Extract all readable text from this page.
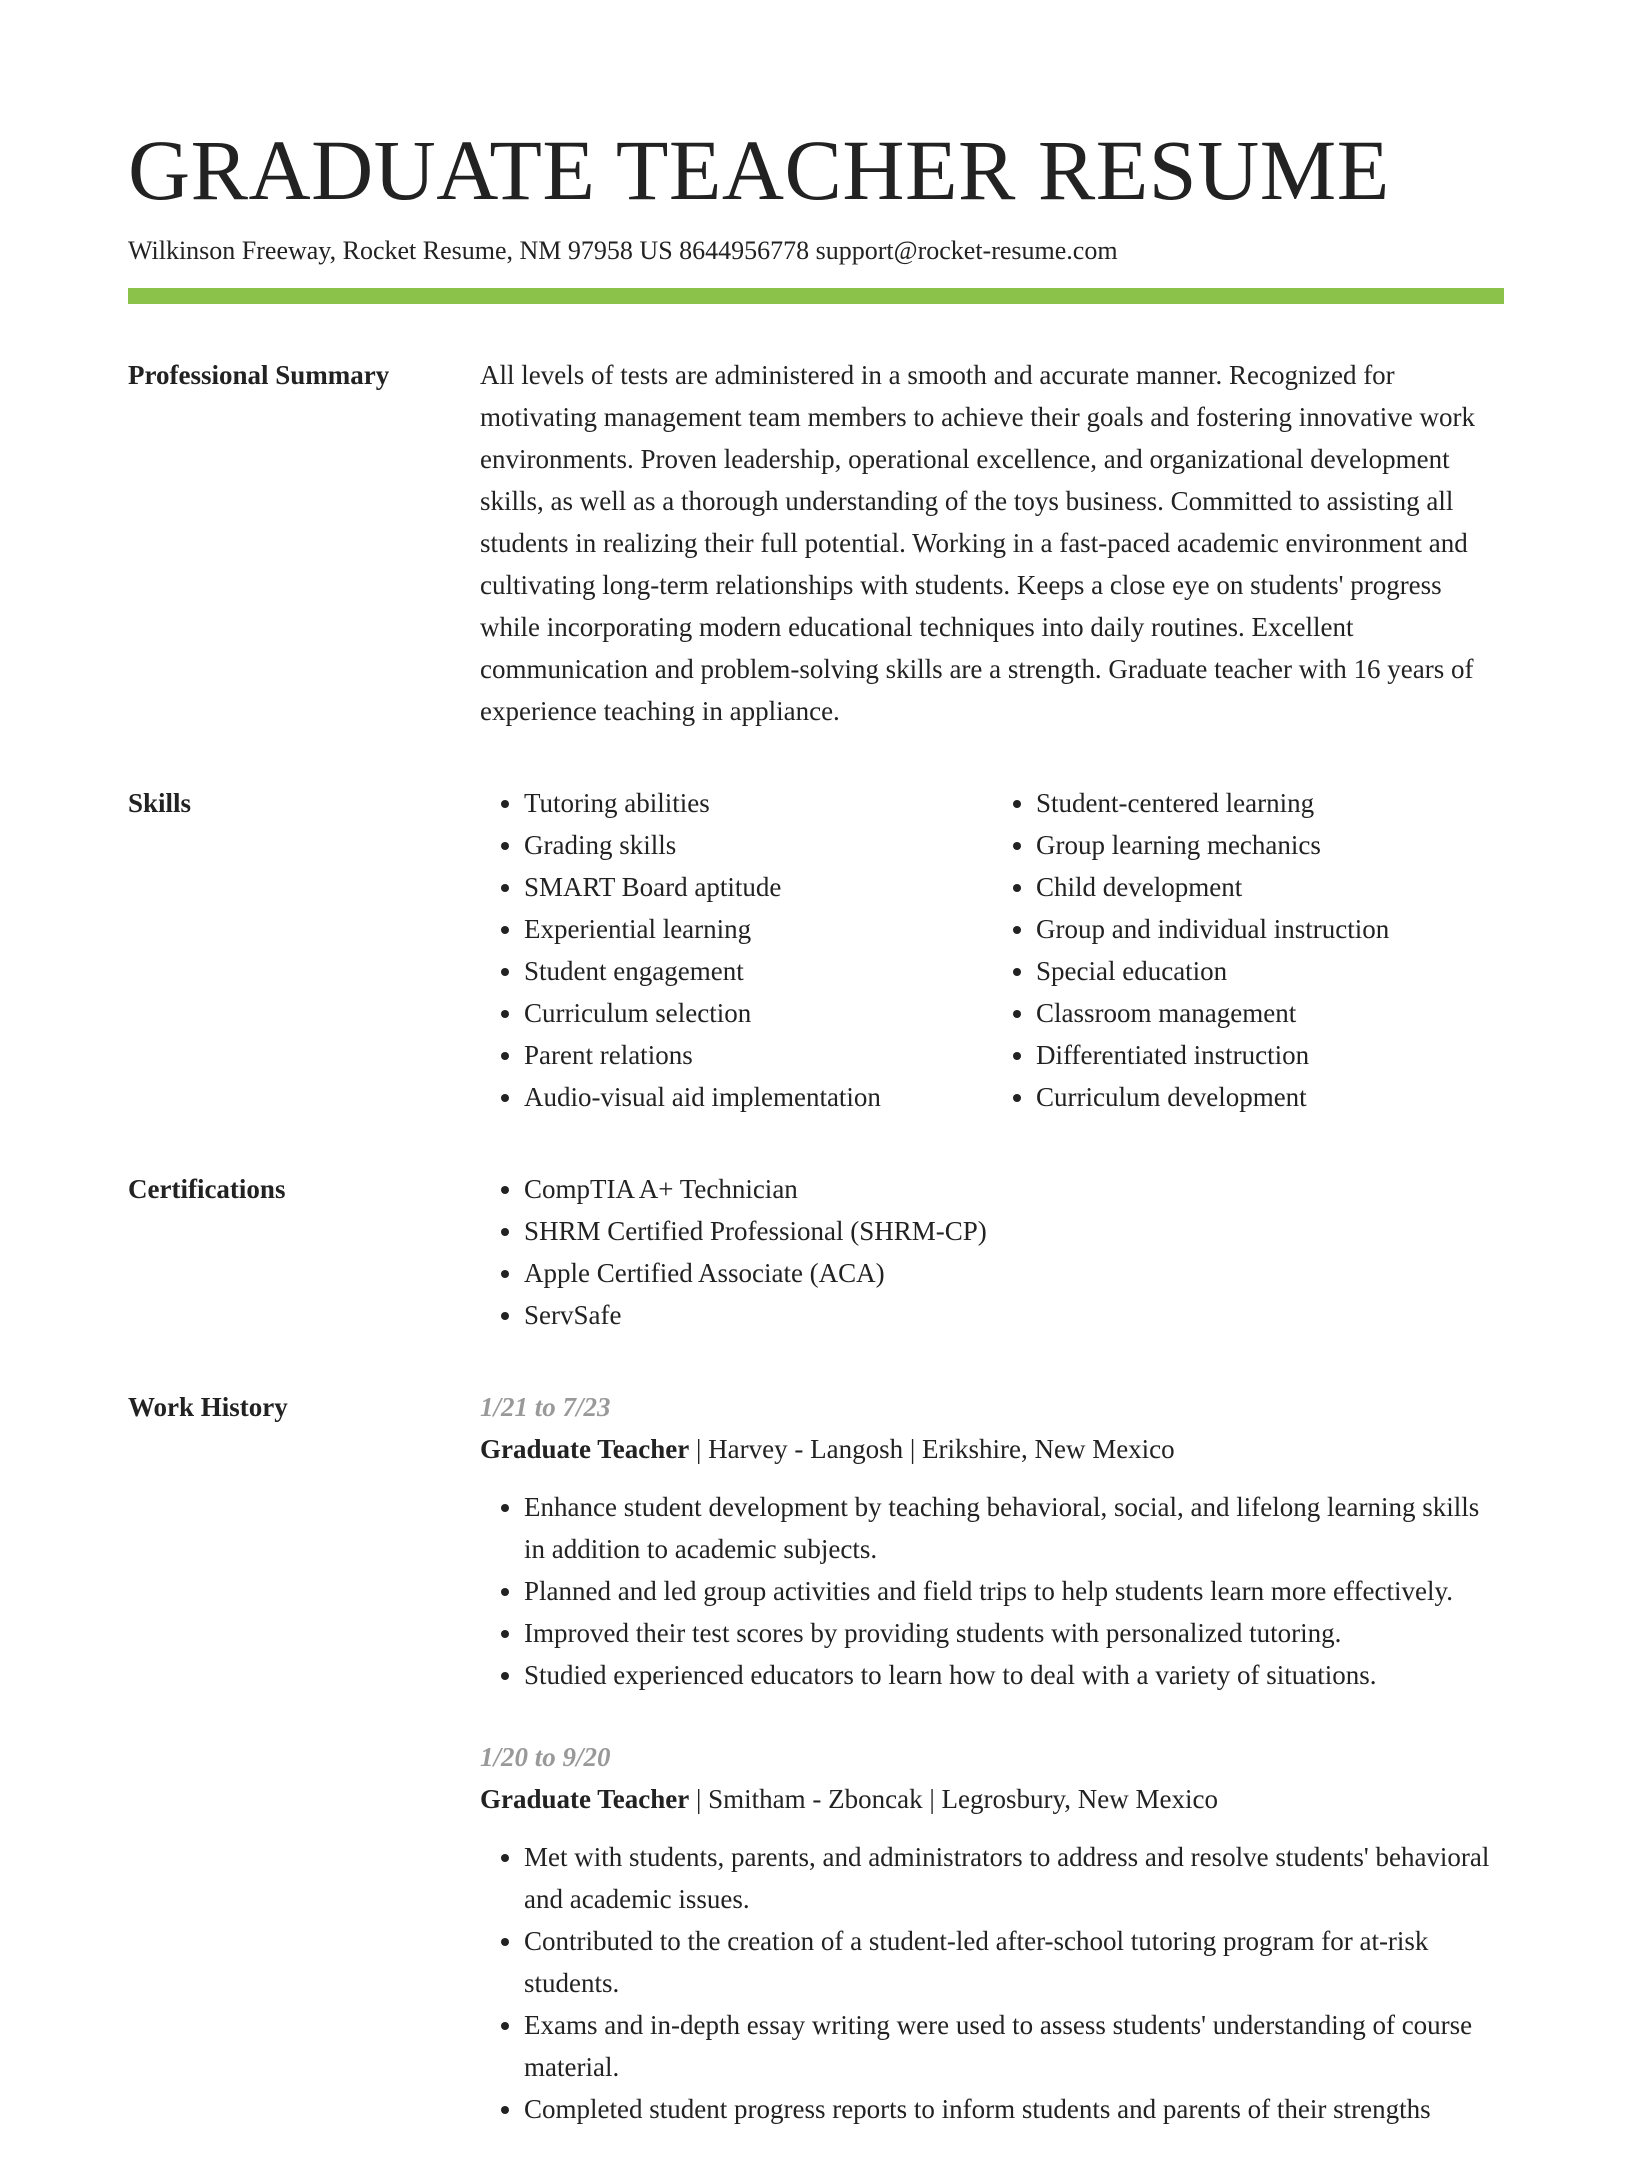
GRADUATE TEACHER RESUME
Wilkinson Freeway, Rocket Resume, NM 97958 US 8644956778 support@rocket-resume.com
Professional Summary	All levels of tests are administered in a smooth and accurate manner. Recognized for motivating management team members to achieve their goals and fostering innovative work environments. Proven leadership, operational excellence, and organizational development skills, as well as a thorough understanding of the toys business. Committed to assisting all students in realizing their full potential. Working in a fast-paced academic environment and cultivating long-term relationships with students. Keeps a close eye on students' progress while incorporating modern educational techniques into daily routines. Excellent communication and problem-solving skills are a strength. Graduate teacher with 16 years of experience teaching in appliance.

Skills	• Tutoring abilities
• Grading skills
• SMART Board aptitude
• Experiential learning
• Student engagement
• Curriculum selection
• Parent relations
• Audio-visual aid implementation
• Student-centered learning
• Group learning mechanics
• Child development
• Group and individual instruction
• Special education
• Classroom management
• Differentiated instruction
• Curriculum development
Certifications	• CompTIA A+ Technician
• SHRM Certified Professional (SHRM-CP)
• Apple Certified Associate (ACA)
• ServSafe
Work History	1/21 to 7/23
Graduate Teacher | Harvey - Langosh | Erikshire, New Mexico
• Enhance student development by teaching behavioral, social, and lifelong learning skills in addition to academic subjects.
• Planned and led group activities and field trips to help students learn more effectively.
• Improved their test scores by providing students with personalized tutoring.
• Studied experienced educators to learn how to deal with a variety of situations.
1/20 to 9/20
Graduate Teacher | Smitham - Zboncak | Legrosbury, New Mexico
• Met with students, parents, and administrators to address and resolve students' behavioral and academic issues.
• Contributed to the creation of a student-led after-school tutoring program for at-risk students.
• Exams and in-depth essay writing were used to assess students' understanding of course material.
• Completed student progress reports to inform students and parents of their strengths
